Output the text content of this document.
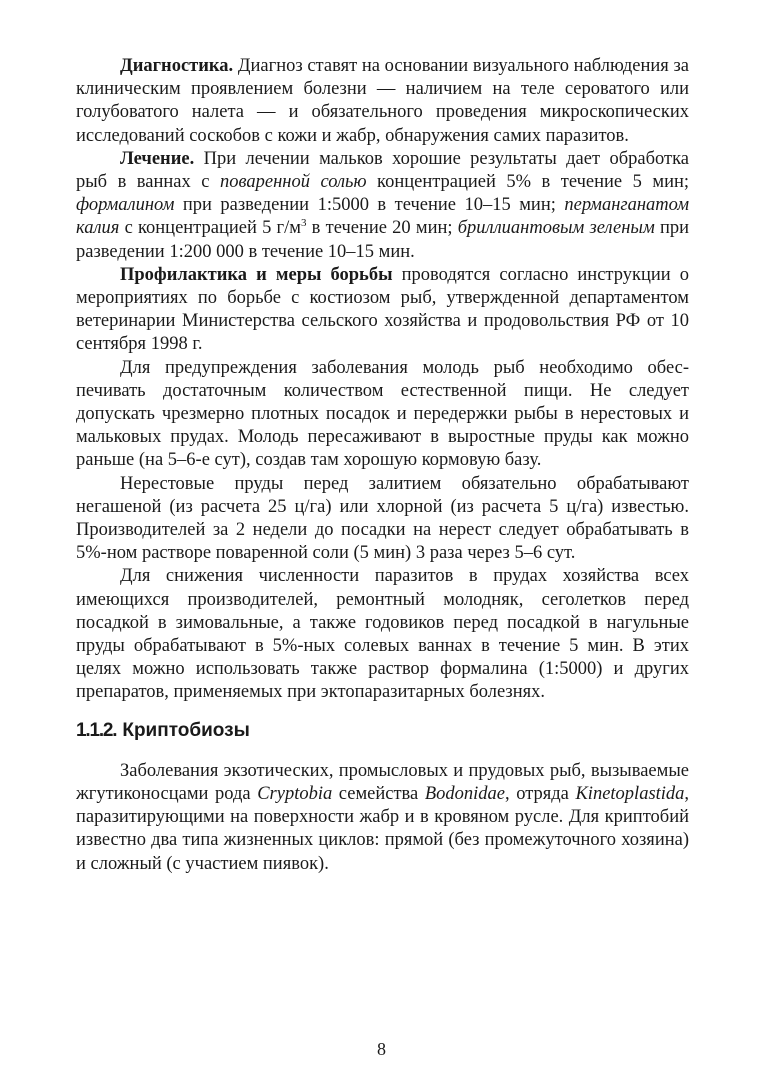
Диагностика. Диагноз ставят на основании визуального наблюдения за клиническим проявлением болезни — наличием на теле сероватого или голубоватого налета — и обязательного проведения микроскопических исследований соскобов с кожи и жабр, обнаружения самих паразитов.

Лечение. При лечении мальков хорошие результаты дает обработка рыб в ваннах с поваренной солью концентрацией 5% в течение 5 мин; формалином при разведении 1:5000 в течение 10–15 мин; перманганатом калия с концентрацией 5 $г/м^3$ в течение 20 мин; бриллиантовым зеленым при разведении 1:200 000 в течение 10–15 мин.

Профилактика и меры борьбы проводятся согласно инструкции о мероприятиях по борьбе с костиозом рыб, утвержденной департаментом ветеринарии Министерства сельского хозяйства и продовольствия РФ от 10 сентября 1998 г.

Для предупреждения заболевания молодь рыб необходимо обеспечивать достаточным количеством естественной пищи. Не следует допускать чрезмерно плотных посадок и передержки рыбы в нерестовых и мальковых прудах. Молодь пересаживают в выростные пруды как можно раньше (на 5–6-е сут), создав там хорошую кормовую базу.

Нерестовые пруды перед залитием обязательно обрабатывают негашеной (из расчета 25 ц/га) или хлорной (из расчета 5 ц/га) известью. Производителей за 2 недели до посадки на нерест следует обрабатывать в 5%-ном растворе поваренной соли (5 мин) 3 раза через 5–6 сут.

Для снижения численности паразитов в прудах хозяйства всех имеющихся производителей, ремонтный молодняк, сеголетков перед посадкой в зимовальные, а также годовиков перед посадкой в нагульные пруды обрабатывают в 5%-ных солевых ваннах в течение 5 мин. В этих целях можно использовать также раствор формалина (1:5000) и других препаратов, применяемых при эктопаразитарных болезнях.

1.1.2. Криптобиозы

Заболевания экзотических, промысловых и прудовых рыб, вызываемые жгутиконосцами рода Cryptobia семейства Bodonidae, отряда Kinetoplastida, паразитирующими на поверхности жабр и в кровяном русле. Для криптобий известно два типа жизненных циклов: прямой (без промежуточного хозяина) и сложный (с участием пиявок).

8
